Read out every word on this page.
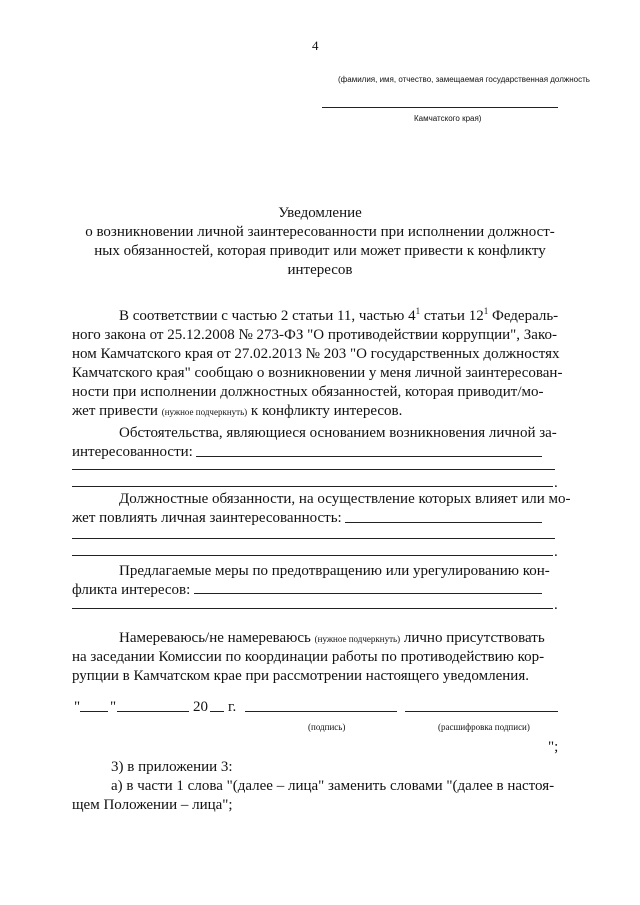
4
(фамилия, имя, отчество, замещаемая государственная должность
Камчатского края)
Уведомление
о возникновении личной заинтересованности при исполнении должност-
ных обязанностей, которая приводит или может привести к конфликту
интересов
В соответствии с частью 2 статьи 11, частью $4^1$ статьи $12^1$ Федераль-
ного закона от 25.12.2008 № 273-ФЗ "О противодействии коррупции", Зако-
ном Камчатского края от 27.02.2013 № 203 "О государственных должностях
Камчатского края" сообщаю о возникновении у меня личной заинтересован-
ности при исполнении должностных обязанностей, которая приводит/мо-
жет привести (нужное подчеркнуть) к конфликту интересов.
Обстоятельства, являющиеся основанием возникновения личной за-
интересованности:
.
Должностные обязанности, на осуществление которых влияет или мо-
жет повлиять личная заинтересованность:
.
Предлагаемые меры по предотвращению или урегулированию кон-
фликта интересов:
.
Намереваюсь/не намереваюсь (нужное подчеркнуть) лично присутствовать
на заседании Комиссии по координации работы по противодействию кор-
рупции в Камчатском крае при рассмотрении настоящего уведомления.
" "	20 г.
(подпись)	(расшифровка подписи)
";
3) в приложении 3:
а) в части 1 слова "(далее – лица" заменить словами "(далее в настоя-
щем Положении – лица";
